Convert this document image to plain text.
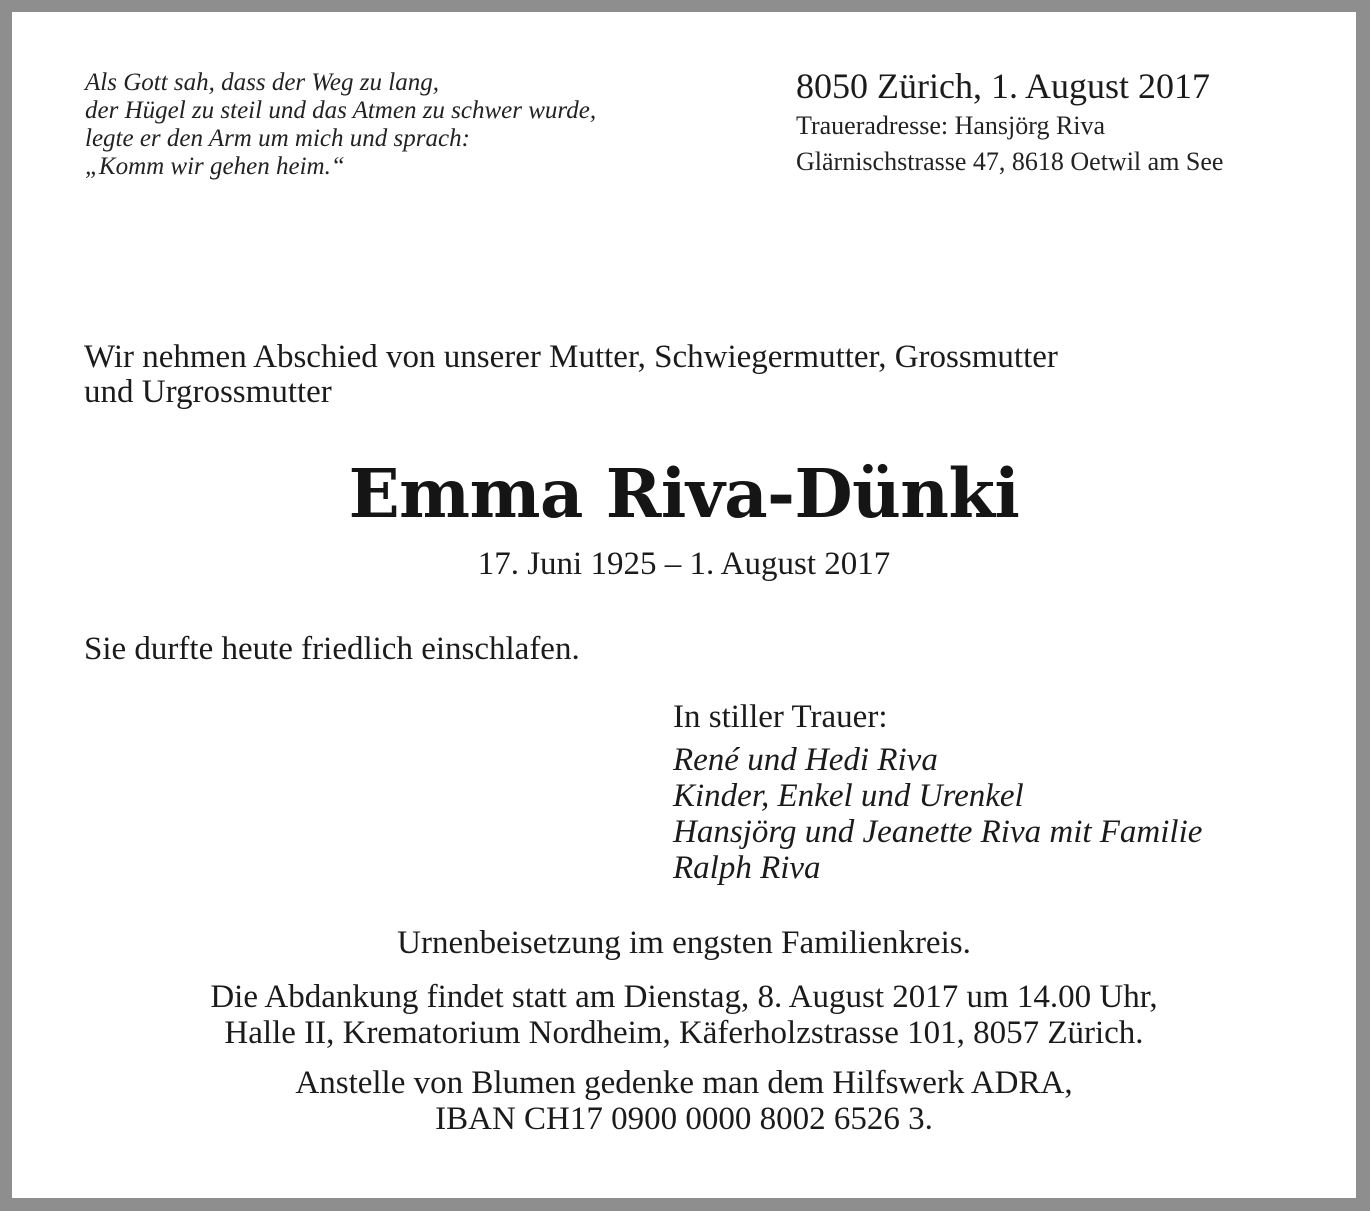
Als Gott sah, dass der Weg zu lang,
der Hügel zu steil und das Atmen zu schwer wurde,
legte er den Arm um mich und sprach:
„Komm wir gehen heim.“
8050 Zürich, 1. August 2017
Traueradresse: Hansjörg Riva
Glärnischstrasse 47, 8618 Oetwil am See
Wir nehmen Abschied von unserer Mutter, Schwiegermutter, Grossmutter
und Urgrossmutter
Emma Riva-Dünki
17. Juni 1925 – 1. August 2017
Sie durfte heute friedlich einschlafen.
In stiller Trauer:
René und Hedi Riva
Kinder, Enkel und Urenkel
Hansjörg und Jeanette Riva mit Familie
Ralph Riva
Urnenbeisetzung im engsten Familienkreis.
Die Abdankung findet statt am Dienstag, 8. August 2017 um 14.00 Uhr,
Halle II, Krematorium Nordheim, Käferholzstrasse 101, 8057 Zürich.
Anstelle von Blumen gedenke man dem Hilfswerk ADRA,
IBAN CH17 0900 0000 8002 6526 3.
